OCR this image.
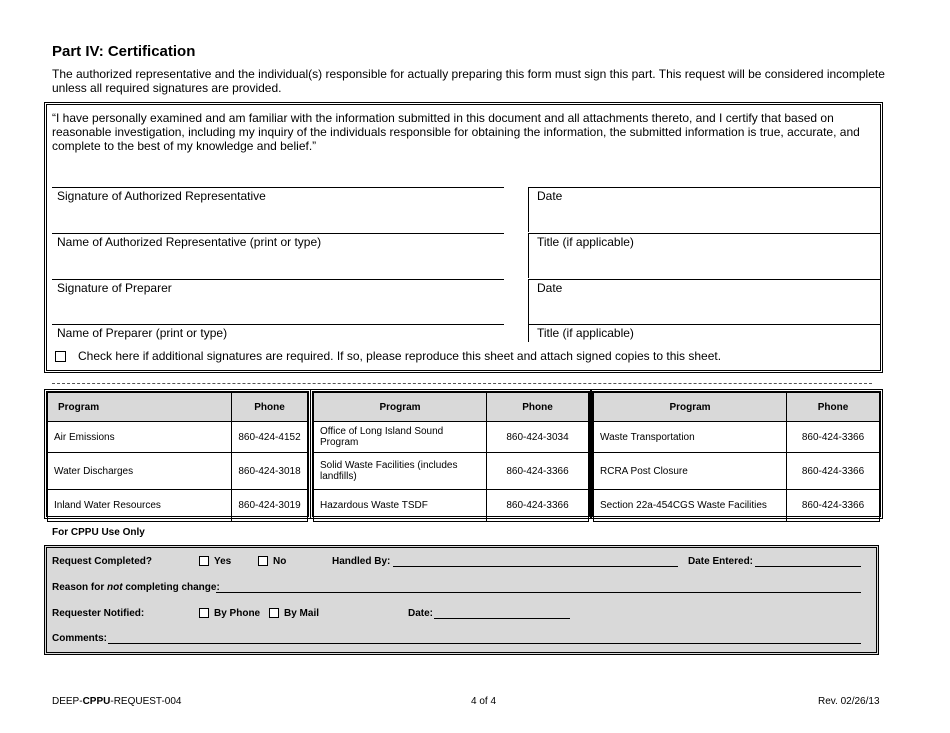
Part IV: Certification
The authorized representative and the individual(s) responsible for actually preparing this form must sign this part. This request will be considered incomplete unless all required signatures are provided.
“I have personally examined and am familiar with the information submitted in this document and all attachments thereto, and I certify that based on reasonable investigation, including my inquiry of the individuals responsible for obtaining the information, the submitted information is true, accurate, and complete to the best of my knowledge and belief.”
Signature of Authorized Representative	Date
Name of Authorized Representative (print or type)	Title (if applicable)
Signature of Preparer	Date
Name of Preparer (print or type)	Title (if applicable)
Check here if additional signatures are required. If so, please reproduce this sheet and attach signed copies to this sheet.
Program	Phone
Air Emissions	860-424-4152
Water Discharges	860-424-3018
Inland Water Resources	860-424-3019
Program	Phone
Office of Long Island Sound Program	860-424-3034
Solid Waste Facilities (includes landfills)	860-424-3366
Hazardous Waste TSDF	860-424-3366
Program	Phone
Waste Transportation	860-424-3366
RCRA Post Closure	860-424-3366
Section 22a-454CGS Waste Facilities	860-424-3366
For CPPU Use Only
Request Completed?	Yes	No	Handled By:	Date Entered:
Reason for not completing change:
Requester Notified:	By Phone By Mail	Date:
Comments:
DEEP-CPPU-REQUEST-004	4 of 4	Rev. 02/26/13
